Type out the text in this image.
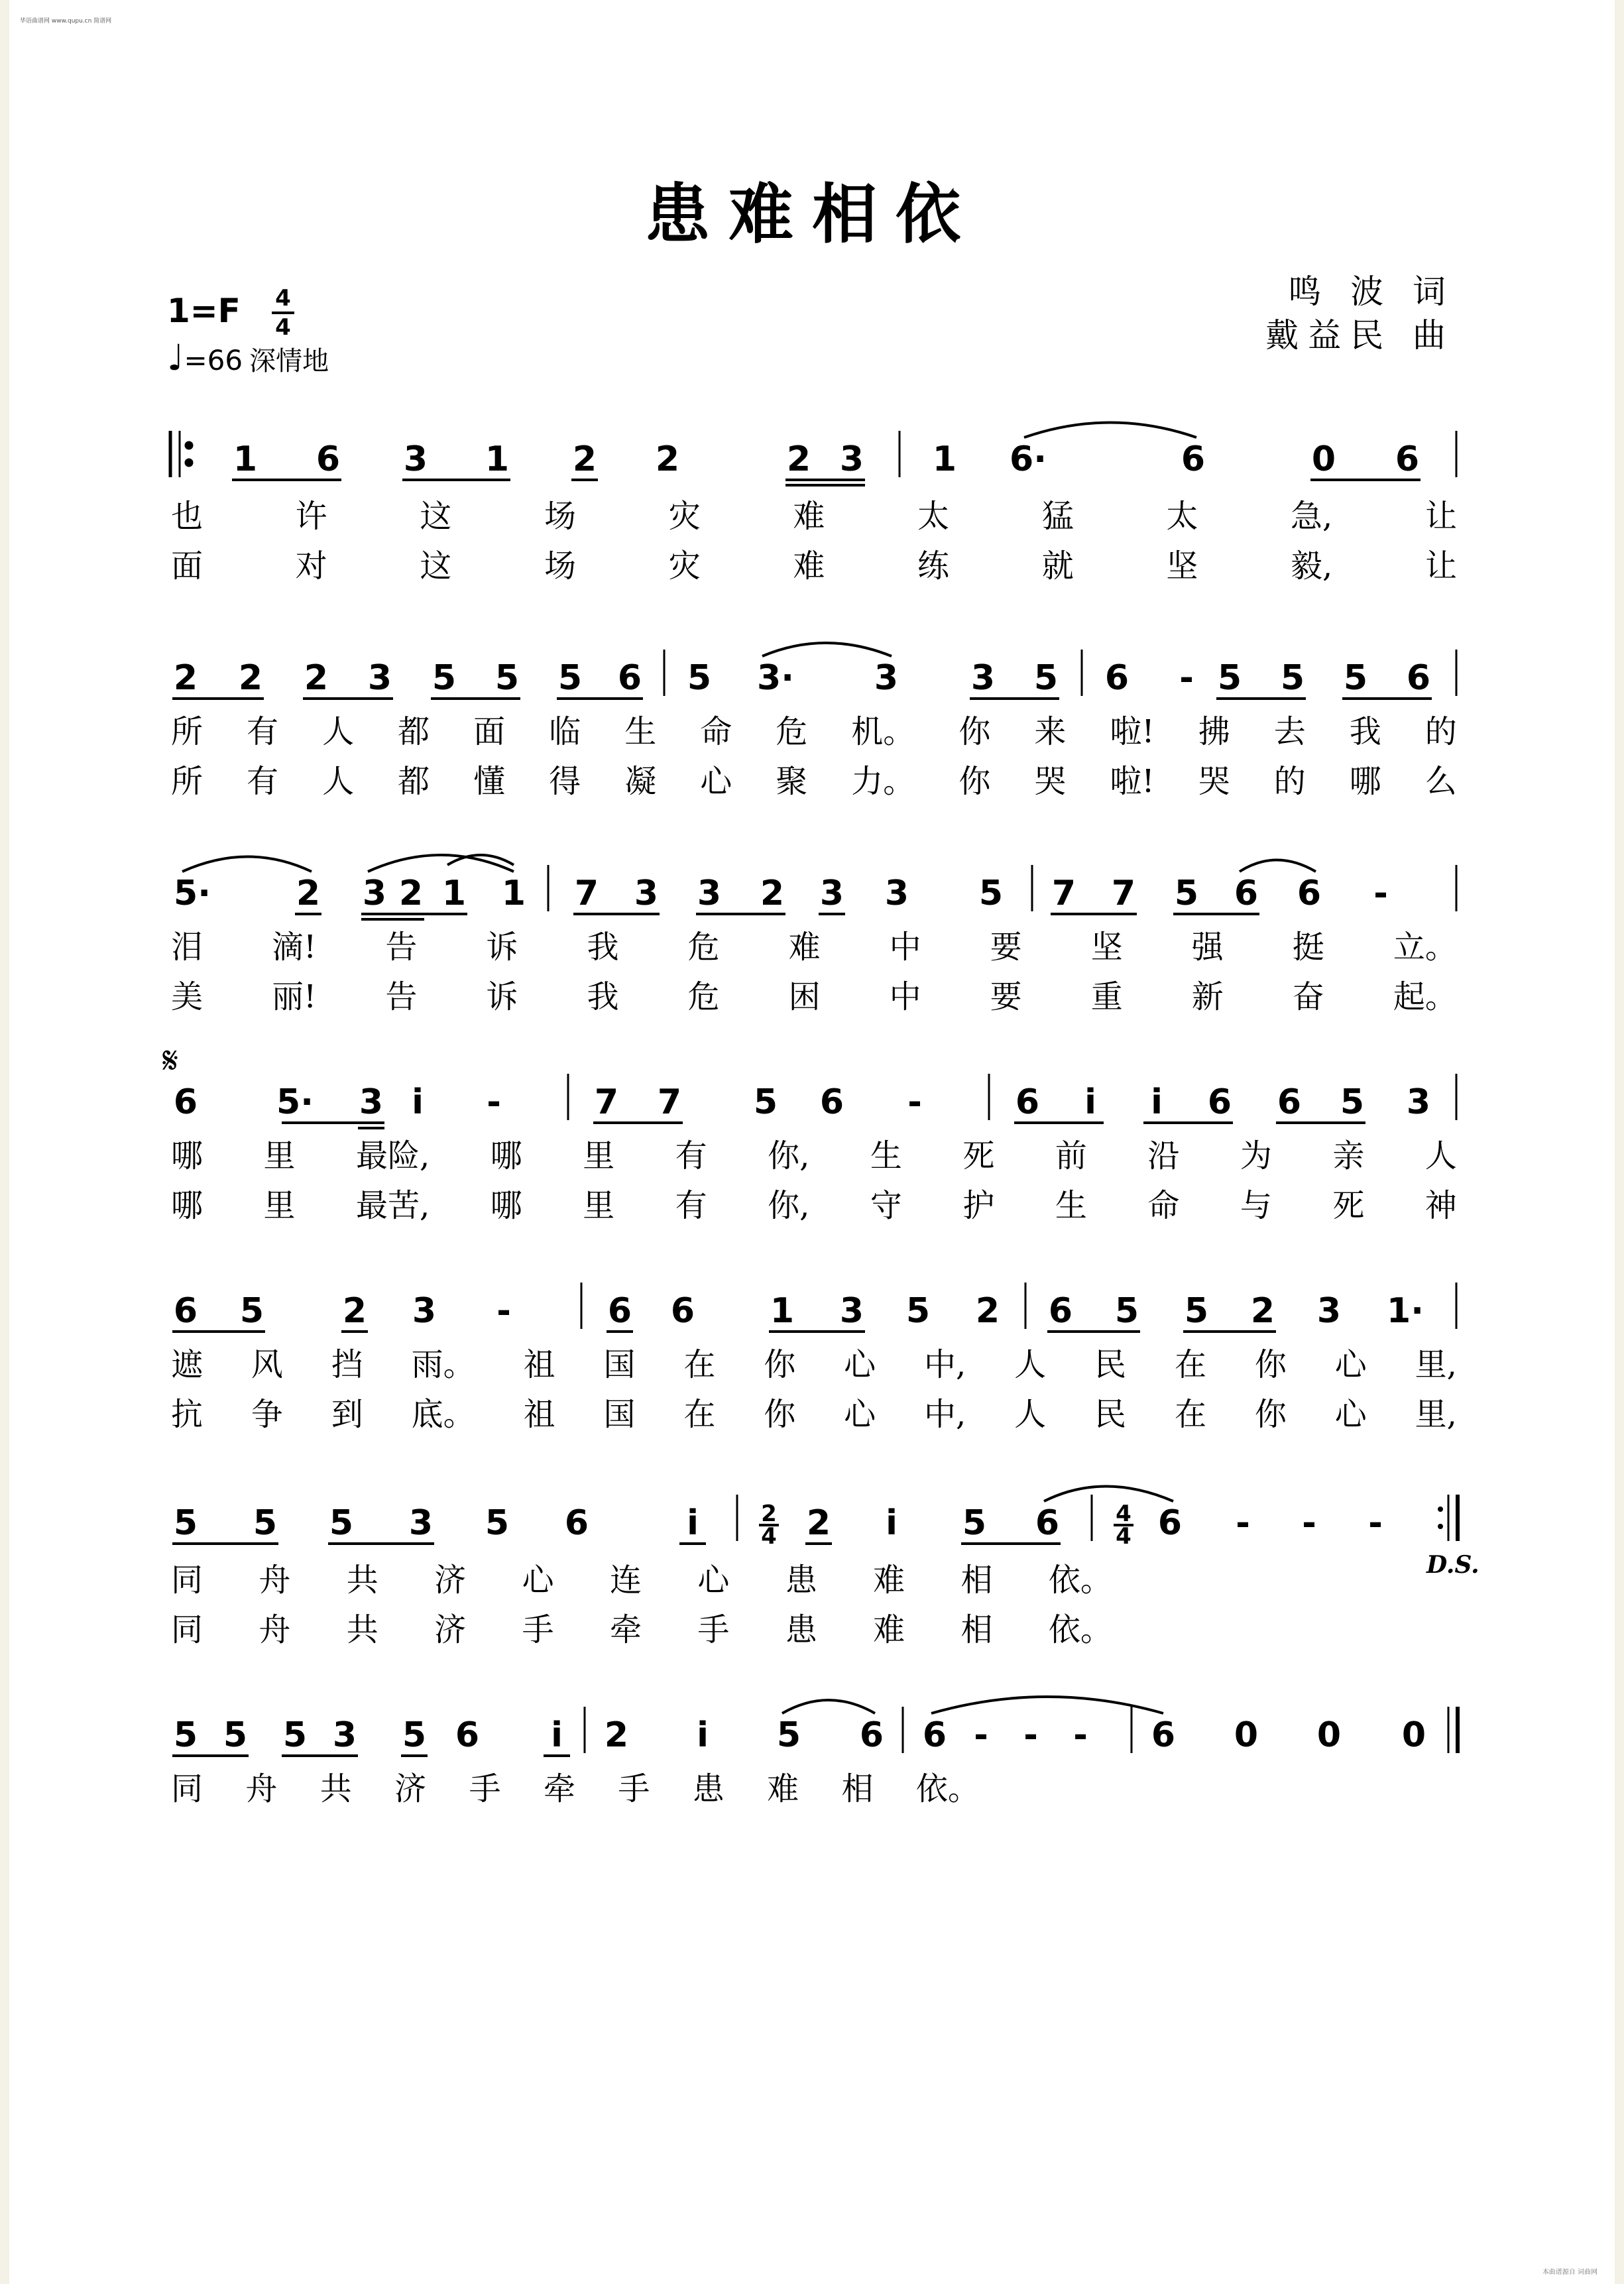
华语曲谱网 www.qupu.cn 简谱网
患难相依
鸣 波 词
戴益民 曲
1=F 4
4
♩=66 深情地
1 6 3 1 2 2	2 3 1 6·	6	0 6
也	许	这	场	灾	难	太	猛	太	急,	让
面	对	这	场	灾	难	练	就	坚	毅,	让
2 2 2 3 5 5 5 6 5 3· 3 3 5 6 - 5 5 5 6
所 有 人 都 面 临 生 命 危 机。 你 来 啦! 拂 去 我 的
所 有 人 都 懂 得 凝 心 聚 力。 你 哭 啦! 哭 的 哪 么
5· 2 3 2 1 1 7 3 3 2 3 3 5 7 7 5 6 6 -
泪 滴! 告 诉 我 危 难 中 要 坚 强 挺 立。
美 丽! 告 诉 我 危 困 中 要 重 新 奋 起。
𝄋
6 5· 3 i -	7 7 5 6 -	6 i i 6 6 5 3
哪 里 最险, 哪 里 有 你, 生 死 前 沿 为 亲 人
哪 里 最苦, 哪 里 有 你, 守 护 生 命 与 死 神
6 5 2 3 -	6 6 1 3 5 2 6 5 5 2 3 1·
遮 风 挡 雨。 祖 国 在 你 心 中, 人 民 在 你 心 里,
抗 争 到 底。 祖 国 在 你 心 中, 人 民 在 你 心 里,
5 5 5 3 5 6	i	2
4 2 i 5 6	4
4 6 - - -
D.S.
同 舟 共 济 心 连 心 患 难 相 依。
同 舟 共 济 手 牵 手 患 难 相 依。
5 5 5 3 5 6 i 2 i 5 6 6 - - - 6 0 0 0
同 舟 共 济 手 牵 手 患 难 相 依。
本曲谱源自 词曲网
